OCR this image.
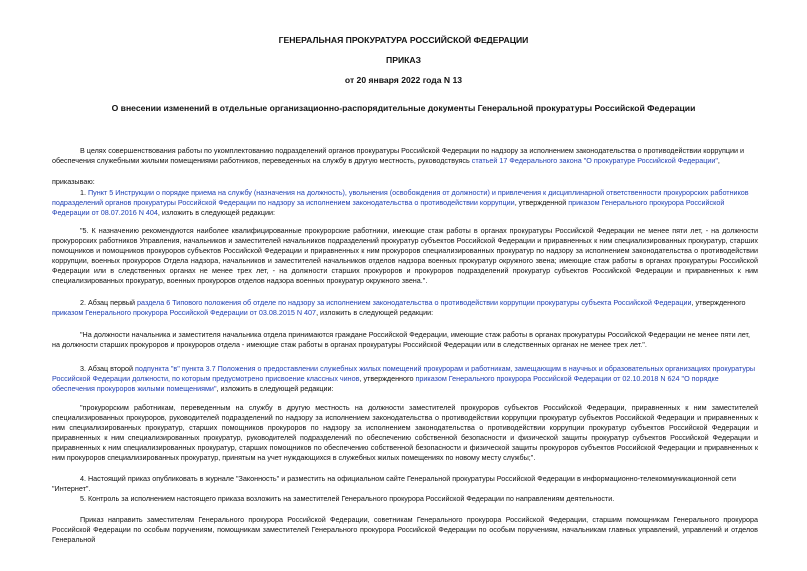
ГЕНЕРАЛЬНАЯ ПРОКУРАТУРА РОССИЙСКОЙ ФЕДЕРАЦИИ
ПРИКАЗ
от 20 января 2022 года N 13
О внесении изменений в отдельные организационно-распорядительные документы Генеральной прокуратуры Российской Федерации

В целях совершенствования работы по укомплектованию подразделений органов прокуратуры Российской Федерации по надзору за исполнением законодательства о противодействии коррупции и обеспечения служебными жилыми помещениями работников, переведенных на службу в другую местность, руководствуясь статьей 17 Федерального закона "О прокуратуре Российской Федерации",

приказываю:

1. Пункт 5 Инструкции о порядке приема на службу (назначения на должность), увольнения (освобождения от должности) и привлечения к дисциплинарной ответственности прокурорских работников подразделений органов прокуратуры Российской Федерации по надзору за исполнением законодательства о противодействии коррупции, утвержденной приказом Генерального прокурора Российской Федерации от 08.07.2016 N 404, изложить в следующей редакции:

"5. К назначению рекомендуются наиболее квалифицированные прокурорские работники, имеющие стаж работы в органах прокуратуры Российской Федерации не менее пяти лет, - на должности прокурорских работников Управления, начальников и заместителей начальников подразделений прокуратур субъектов Российской Федерации и приравненных к ним специализированных прокуратур, старших помощников и помощников прокуроров субъектов Российской Федерации и приравненных к ним прокуроров специализированных прокуратур по надзору за исполнением законодательства о противодействии коррупции, военных прокуроров Отдела надзора, начальников и заместителей начальников отделов надзора военных прокуратур окружного звена; имеющие стаж работы в органах прокуратуры Российской Федерации или в следственных органах не менее трех лет, - на должности старших прокуроров и прокуроров подразделений прокуратур субъектов Российской Федерации и приравненных к ним специализированных прокуратур, военных прокуроров отделов надзора военных прокуратур окружного звена.".

2. Абзац первый раздела 6 Типового положения об отделе по надзору за исполнением законодательства о противодействии коррупции прокуратуры субъекта Российской Федерации, утвержденного приказом Генерального прокурора Российской Федерации от 03.08.2015 N 407, изложить в следующей редакции:

"На должности начальника и заместителя начальника отдела принимаются граждане Российской Федерации, имеющие стаж работы в органах прокуратуры Российской Федерации не менее пяти лет, на должности старших прокуроров и прокуроров отдела - имеющие стаж работы в органах прокуратуры Российской Федерации или в следственных органах не менее трех лет.".

3. Абзац второй подпункта "в" пункта 3.7 Положения о предоставлении служебных жилых помещений прокурорам и работникам, замещающим в научных и образовательных организациях прокуратуры Российской Федерации должности, по которым предусмотрено присвоение классных чинов, утвержденного приказом Генерального прокурора Российской Федерации от 02.10.2018 N 624 "О порядке обеспечения прокуроров жилыми помещениями", изложить в следующей редакции:

"прокурорским работникам, переведенным на службу в другую местность на должности заместителей прокуроров субъектов Российской Федерации, приравненных к ним заместителей специализированных прокуроров, руководителей подразделений по надзору за исполнением законодательства о противодействии коррупции прокуратур субъектов Российской Федерации и приравненных к ним специализированных прокуратур, старших помощников прокуроров по надзору за исполнением законодательства о противодействии коррупции прокуратур субъектов Российской Федерации и приравненных к ним специализированных прокуратур, руководителей подразделений по обеспечению собственной безопасности и физической защиты прокуратур субъектов Российской Федерации и приравненных к ним специализированных прокуратур, старших помощников по обеспечению собственной безопасности и физической защиты прокуроров субъектов Российской Федерации и приравненных к ним прокуроров специализированных прокуратур, принятым на учет нуждающихся в служебных жилых помещениях по новому месту службы;".

4. Настоящий приказ опубликовать в журнале "Законность" и разместить на официальном сайте Генеральной прокуратуры Российской Федерации в информационно-телекоммуникационной сети "Интернет".

5. Контроль за исполнением настоящего приказа возложить на заместителей Генерального прокурора Российской Федерации по направлениям деятельности.

Приказ направить заместителям Генерального прокурора Российской Федерации, советникам Генерального прокурора Российской Федерации, старшим помощникам Генерального прокурора Российской Федерации по особым поручениям, помощникам заместителей Генерального прокурора Российской Федерации по особым поручениям, начальникам главных управлений, управлений и отделов Генеральной
